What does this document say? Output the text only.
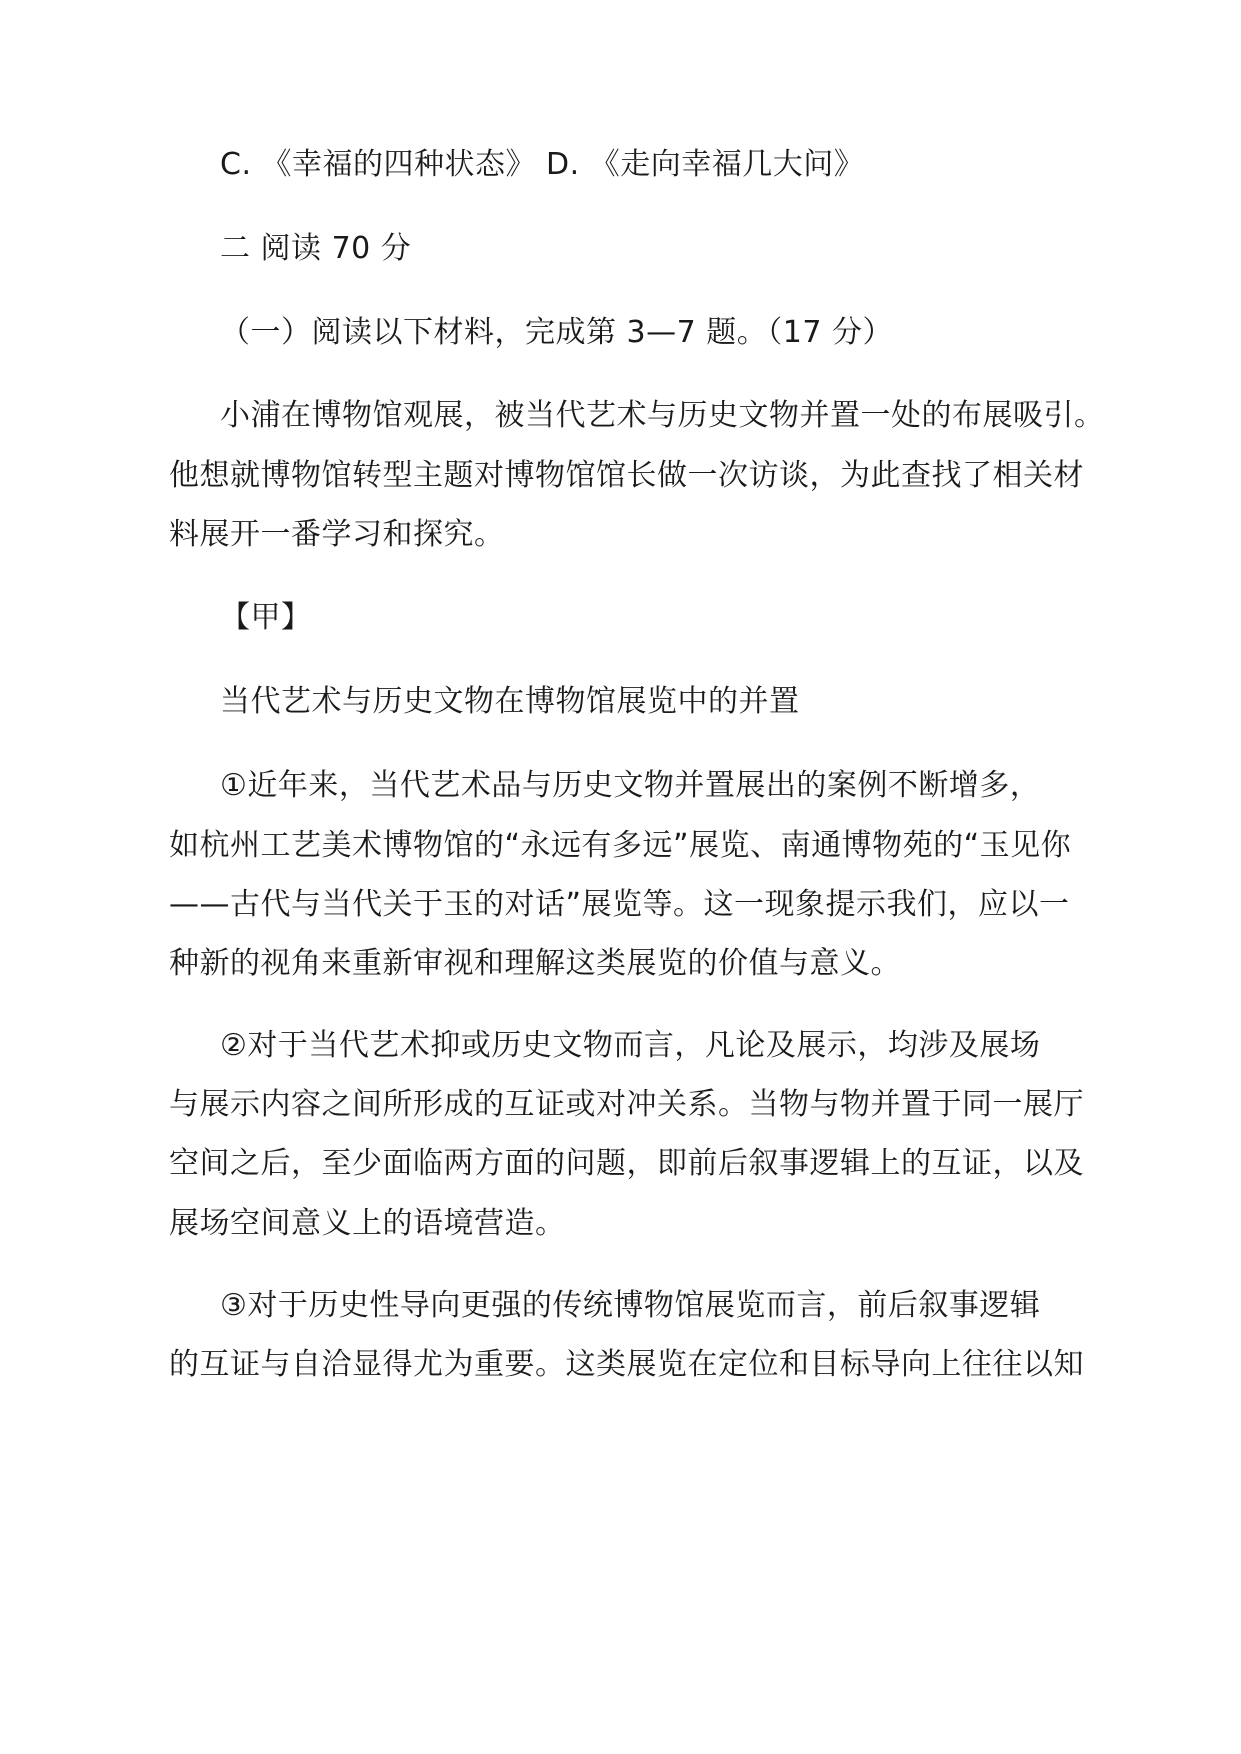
C. 《幸福的四种状态》 D. 《走向幸福几大问》
二 阅读 70 分
（一）阅读以下材料，完成第 3—7 题。（17 分）
小浦在博物馆观展，被当代艺术与历史文物并置一处的布展吸引。
他想就博物馆转型主题对博物馆馆长做一次访谈，为此查找了相关材
料展开一番学习和探究。
【甲】
当代艺术与历史文物在博物馆展览中的并置
①近年来，当代艺术品与历史文物并置展出的案例不断增多，
如杭州工艺美术博物馆的“永远有多远”展览、南通博物苑的“玉见你
——古代与当代关于玉的对话”展览等。这一现象提示我们，应以一
种新的视角来重新审视和理解这类展览的价值与意义。
②对于当代艺术抑或历史文物而言，凡论及展示，均涉及展场
与展示内容之间所形成的互证或对冲关系。当物与物并置于同一展厅
空间之后，至少面临两方面的问题，即前后叙事逻辑上的互证，以及
展场空间意义上的语境营造。
③对于历史性导向更强的传统博物馆展览而言，前后叙事逻辑
的互证与自洽显得尤为重要。这类展览在定位和目标导向上往往以知
